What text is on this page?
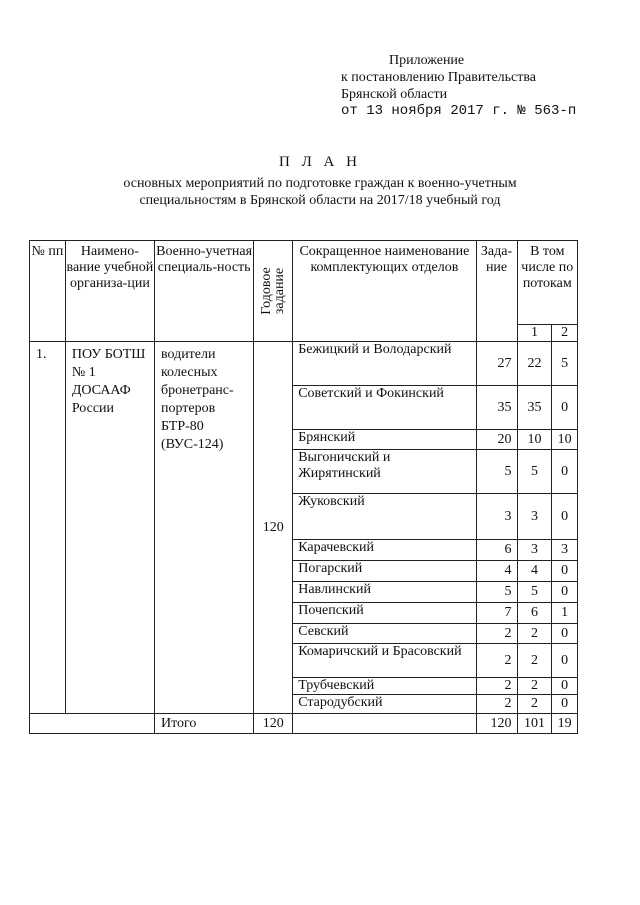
Приложение
к постановлению Правительства
Брянской области
от 13 ноября 2017 г. № 563-п
П Л А Н
основных мероприятий по подготовке граждан к военно-учетным
специальностям в Брянской области на 2017/18 учебный год
№ пп	Наимено-вание учебной организа-ции	Военно-учетная специаль-ность	Годовое задание	Сокращенное наименование комплектующих отделов	Зада-ние	В том числе по потокам	
						1	2
1.	ПОУ БОТШ № 1 ДОСААФ России	водители колесных бронетранс-портеров БТР-80 (ВУС-124)	120	Бежицкий и Володарский	27	22	5
				Советский и Фокинский	35	35	0
				Брянский	20	10	10
				Выгоничский и Жирятинский	5	5	0
				Жуковский	3	3	0
				Карачевский	6	3	3
				Погарский	4	4	0
				Навлинский	5	5	0
				Почепский	7	6	1
				Севский	2	2	0
				Комаричский и Брасовский	2	2	0
				Трубчевский	2	2	0
				Стародубский	2	2	0
		Итого	120		120	101	19
